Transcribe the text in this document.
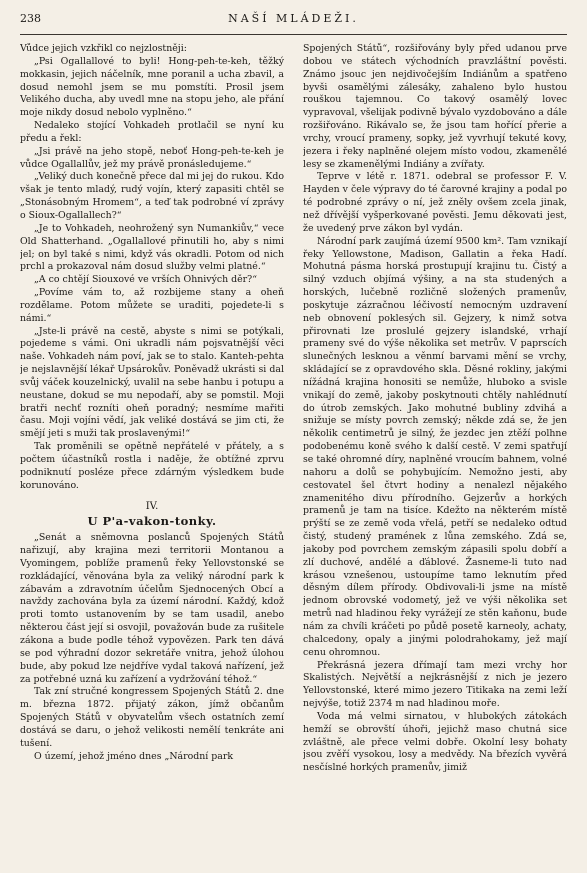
238	NAŠÍ MLÁDEŽI.

Vůdce jejich vzkřikl co nejzlostněji:

„Psi Ogallallové to byli! Hong-peh-te-keh, těžký mokkasin, jejich náčelník, mne poranil a ucha zbavil, a dosud nemohl jsem se mu pomstíti. Prosil jsem Velikého ducha, aby uvedl mne na stopu jeho, ale přání moje nikdy dosud nebolo vyplněno.“

Nedaleko stojící Vohkadeh protlačil se nyní ku předu a řekl:

„Jsi právě na jeho stopě, neboť Hong-peh-te-keh je vůdce Ogallallův, jež my právě pronásledujeme.“

„Veliký duch konečně přece dal mi jej do rukou. Kdo však je tento mladý, rudý vojín, který zapasiti chtěl se „Stonásobným Hromem“, a teď tak podrobné ví zprávy o Sioux-Ogallallech?“

„Je to Vohkadeh, neohrožený syn Numankiův,“ vece Old Shatterhand. „Ogallallové přinutili ho, aby s nimi jel; on byl také s nimi, když vás okradli. Potom od nich prchl a prokazoval nám dosud služby velmi platné.“

„A co chtějí Siouxové ve vrších Ohnivých děr?“

„Povíme vám to, až rozbijeme stany a oheň rozdělame. Potom můžete se uraditi, pojedete-li s námi.“

„Jste-li právě na cestě, abyste s nimi se potýkali, pojedeme s vámi. Oni ukradli nám pojsvatnější věci naše. Vohkadeh nám poví, jak se to stalo. Kanteh-pehta je nejslavnější lékař Upsárokův. Poněvadž ukrásti si dal svůj váček kouzelnický, uvalil na sebe hanbu i potupu a neustane, dokud se mu nepodaří, aby se pomstil. Moji bratři nechť rozníti oheň poradný; nesmíme mařiti času. Moji vojíni vědí, jak veliké dostává se jim cti, že smějí jeti s muži tak proslavenými!“

Tak proměnili se opětně nepřátelé v přátely, a s počtem účastníků rostla i naděje, že obtížné zprvu podniknutí posléze přece zdárným výsledkem bude korunováno.

IV.
U P'a-vakon-tonky.

„Senát a sněmovna poslanců Spojených Států nařizují, aby krajina mezi territorii Montanou a Vyomingem, poblíže pramenů řeky Yellovstonské se rozkládající, věnována byla za veliký národní park k zábavám a zdravotním účelům Sjednocených Obcí a navždy zachována byla za území národní. Každý, kdož proti tomto ustanovením by se tam usadil, anebo některou část její si osvojil, považován bude za rušitele zákona a bude podle téhož vypovězen. Park ten dává se pod výhradní dozor sekretáře vnitra, jehož úlohou bude, aby pokud lze nejdříve vydal taková nařízení, jež za potřebné uzná ku zařízení a vydržování téhož.“

Tak zní stručné kongressem Spojených Států 2. dne m. března 1872. přijatý zákon, jímž občanům Spojených Států v obyvatelům všech ostatních zemí dostává se daru, o jehož velikosti nemělí tenkráte ani tušení.

O území, jehož jméno dnes „Národní park

Spojených Států“, rozšiřovány byly před udanou prve dobou ve státech východních pravzláštní pověsti. Známo jsouc jen nejdivočejším Indiánům a spatřeno byvši osamělými zálesáky, zahaleno bylo hustou rouškou tajemnou. Co takový osamělý lovec vypravoval, všelijak podivně bývalo vyzdobováno a dále rozšiřováno. Rikávalo se, že jsou tam hořící přerie a vrchy, vroucí prameny, sopky, jež vyvrhují tekuté kovy, jezera i řeky naplněné olejem místo vodou, zkamenělé lesy se zkamenělými Indiány a zvířaty.

Teprve v létě r. 1871. odebral se professor F. V. Hayden v čele výpravy do té čarovné krajiny a podal po té podrobné zprávy o ní, jež zněly ovšem zcela jinak, než dřívější vyšperkované pověsti. Jemu děkovati jest, že uvedený prve zákon byl vydán.

Národní park zaujímá území 9500 km². Tam vznikají řeky Yellowstone, Madison, Gallatin a řeka Hadí. Mohutná pásma horská prostupují krajinu tu. Čistý a silný vzduch objímá výšiny, a na sta studených a horských, lučebně rozličně složených pramenův, poskytuje zázračnou léčivostí nemocným uzdravení neb obnovení poklesých sil. Gejzery, k nimž sotva přirovnati lze proslulé gejzery islandské, vrhají prameny své do výše několika set metrův. V paprscích slunečných lesknou a věnmí barvami mění se vrchy, skládající se z opravdového skla. Děsné rokliny, jakými nížádná krajina honositi se nemůže, hluboko a svisle vnikají do země, jakoby poskytnouti chtěly nahlédnutí do útrob zemských. Jako mohutné bubliny zdvihá a snižuje se místy povrch zemský; někde zdá se, že jen několik centimetrů je silný, že jezdec jen ztěží polhne podobenému koně svého k další cestě. V zemi spatřují se také ohromné díry, naplněné vroucím bahnem, volné nahoru a dolů se pohybujícím. Nemožno jesti, aby cestovatel šel čtvrt hodiny a nenalezl nějakého znamenitého divu přírodního. Gejzerův a horkých pramenů je tam na tisíce. Kdežto na některém místě prýští se ze země voda vřelá, petří se nedaleko odtud čistý, studený pramének z lůna zemského. Zdá se, jakoby pod povrchem zemským zápasili spolu dobří a zlí duchové, andělé a ďáblové. Žasneme-li tuto nad krásou vznešenou, ustoupíme tamo leknutím před děsným dílem přírody. Obdivovali-li jsme na místě jednom obrovské vodometý, jež ve výši několika set metrů nad hladinou řeky vyrážejí ze stěn kaňonu, bude nám za chvíli kráčeti po půdě posetě karneoly, achaty, chalcedony, opaly a jinými polodrahokamy, jež mají cenu ohromnou.

Překrásná jezera dřímají tam mezi vrchy hor Skalistých. Největší a nejkrásnější z nich je jezero Yellovstonské, které mimo jezero Titikaka na zemi leží nejvýše, totiž 2374 m nad hladinou moře.

Voda má velmi sirnatou, v hlubokých zátokách hemží se obrovští úhoři, jejichž maso chutná sice zvláštně, ale přece velmi dobře. Okolní lesy bohaty jsou zvěří vysokou, losy a medvědy. Na březích vyvěrá nesčíslné horkých pramenův, jimiž
